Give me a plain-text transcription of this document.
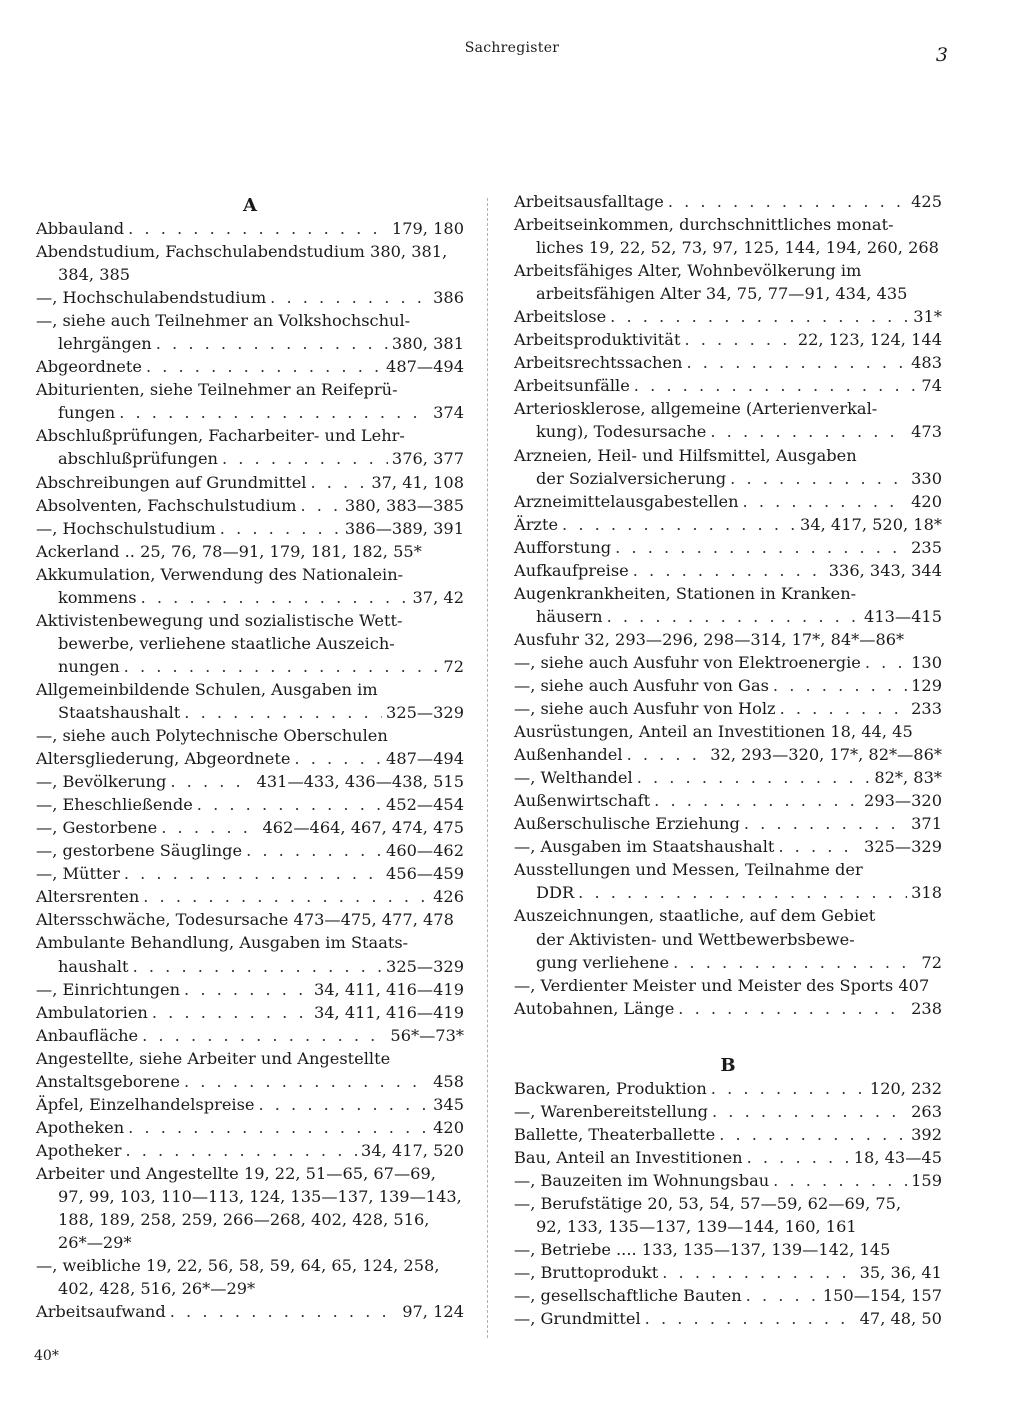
Sachregister	3
A
Abbauland . . .	179, 180
Abendstudium, Fachschulabendstudium 380, 381,
384, 385
—, Hochschulabendstudium . . .	386
—, siehe auch Teilnehmer an Volkshochschul-
lehrgängen . . .	380, 381
Abgeordnete . . .	487—494
Abiturienten, siehe Teilnehmer an Reifeprü-
fungen . . .	374
Abschlußprüfungen, Facharbeiter- und Lehr-
abschlußprüfungen . . .	376, 377
Abschreibungen auf Grundmittel . . .	37, 41, 108
Absolventen, Fachschulstudium . . .	380, 383—385
—, Hochschulstudium . . .	386—389, 391
Ackerland .. 25, 76, 78—91, 179, 181, 182, 55*
Akkumulation, Verwendung des Nationalein-
kommens . . .	37, 42
Aktivistenbewegung und sozialistische Wett-
bewerbe, verliehene staatliche Auszeich-
nungen . . .	72
Allgemeinbildende Schulen, Ausgaben im
Staatshaushalt . . .	325—329
—, siehe auch Polytechnische Oberschulen
Altersgliederung, Abgeordnete . . .	487—494
—, Bevölkerung . . .	431—433, 436—438, 515
—, Eheschließende . . .	452—454
—, Gestorbene . . .	462—464, 467, 474, 475
—, gestorbene Säuglinge . . .	460—462
—, Mütter . . .	456—459
Altersrenten . . .	426
Altersschwäche, Todesursache 473—475, 477, 478
Ambulante Behandlung, Ausgaben im Staats-
haushalt . . .	325—329
—, Einrichtungen . . .	34, 411, 416—419
Ambulatorien . . .	34, 411, 416—419
Anbaufläche . . .	56*—73*
Angestellte, siehe Arbeiter und Angestellte
Anstaltsgeborene . . .	458
Äpfel, Einzelhandelspreise . . .	345
Apotheken . . .	420
Apotheker . . .	34, 417, 520
Arbeiter und Angestellte 19, 22, 51—65, 67—69,
97, 99, 103, 110—113, 124, 135—137, 139—143,
188, 189, 258, 259, 266—268, 402, 428, 516,
26*—29*
—, weibliche 19, 22, 56, 58, 59, 64, 65, 124, 258,
402, 428, 516, 26*—29*
Arbeitsaufwand . . .	97, 124
Arbeitsausfalltage . . .	425
Arbeitseinkommen, durchschnittliches monat-
liches 19, 22, 52, 73, 97, 125, 144, 194, 260, 268
Arbeitsfähiges Alter, Wohnbevölkerung im
arbeitsfähigen Alter 34, 75, 77—91, 434, 435
Arbeitslose . . .	31*
Arbeitsproduktivität . . .	22, 123, 124, 144
Arbeitsrechtssachen . . .	483
Arbeitsunfälle . . .	74
Arteriosklerose, allgemeine (Arterienverkal-
kung), Todesursache . . .	473
Arzneien, Heil- und Hilfsmittel, Ausgaben
der Sozialversicherung . . .	330
Arzneimittelausgabestellen . . .	420
Ärzte . . .	34, 417, 520, 18*
Aufforstung . . .	235
Aufkaufpreise . . .	336, 343, 344
Augenkrankheiten, Stationen in Kranken-
häusern . . .	413—415
Ausfuhr 32, 293—296, 298—314, 17*, 84*—86*
—, siehe auch Ausfuhr von Elektroenergie . . .	130
—, siehe auch Ausfuhr von Gas . . .	129
—, siehe auch Ausfuhr von Holz . . .	233
Ausrüstungen, Anteil an Investitionen 18, 44, 45
Außenhandel . . .	32, 293—320, 17*, 82*—86*
—, Welthandel . . .	82*, 83*
Außenwirtschaft . . .	293—320
Außerschulische Erziehung . . .	371
—, Ausgaben im Staatshaushalt . . .	325—329
Ausstellungen und Messen, Teilnahme der
DDR . . .	318
Auszeichnungen, staatliche, auf dem Gebiet
der Aktivisten- und Wettbewerbsbewe-
gung verliehene . . .	72
—, Verdienter Meister und Meister des Sports 407
Autobahnen, Länge . . .	238
B
Backwaren, Produktion . . .	120, 232
—, Warenbereitstellung . . .	263
Ballette, Theaterballette . . .	392
Bau, Anteil an Investitionen . . .	18, 43—45
—, Bauzeiten im Wohnungsbau . . .	159
—, Berufstätige 20, 53, 54, 57—59, 62—69, 75,
92, 133, 135—137, 139—144, 160, 161
—, Betriebe .... 133, 135—137, 139—142, 145
—, Bruttoprodukt . . .	35, 36, 41
—, gesellschaftliche Bauten . . .	150—154, 157
—, Grundmittel . . .	47, 48, 50
40*
